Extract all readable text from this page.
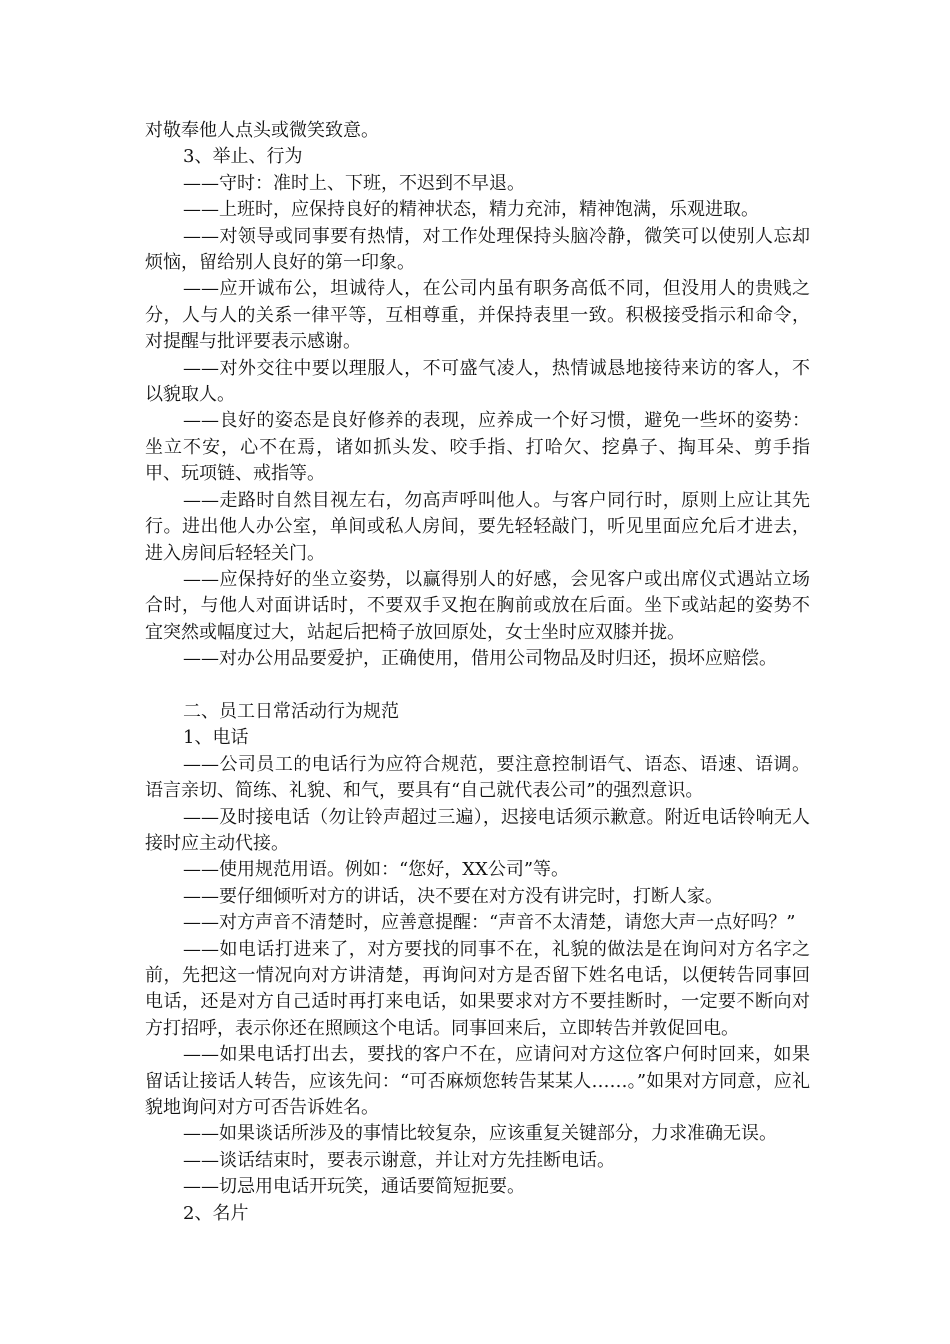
对敬奉他人点头或微笑致意。

3、举止、行为

——守时：准时上、下班，不迟到不早退。

——上班时，应保持良好的精神状态，精力充沛，精神饱满，乐观进取。

——对领导或同事要有热情，对工作处理保持头脑冷静，微笑可以使别人忘却烦恼，留给别人良好的第一印象。

——应开诚布公，坦诚待人，在公司内虽有职务高低不同，但没用人的贵贱之分，人与人的关系一律平等，互相尊重，并保持表里一致。积极接受指示和命令，对提醒与批评要表示感谢。

——对外交往中要以理服人，不可盛气凌人，热情诚恳地接待来访的客人，不以貌取人。

——良好的姿态是良好修养的表现，应养成一个好习惯，避免一些坏的姿势：坐立不安，心不在焉，诸如抓头发、咬手指、打哈欠、挖鼻子、掏耳朵、剪手指甲、玩项链、戒指等。

——走路时自然目视左右，勿高声呼叫他人。与客户同行时，原则上应让其先行。进出他人办公室，单间或私人房间，要先轻轻敲门，听见里面应允后才进去，进入房间后轻轻关门。

——应保持好的坐立姿势，以赢得别人的好感，会见客户或出席仪式遇站立场合时，与他人对面讲话时，不要双手叉抱在胸前或放在后面。坐下或站起的姿势不宜突然或幅度过大，站起后把椅子放回原处，女士坐时应双膝并拢。

——对办公用品要爱护，正确使用，借用公司物品及时归还，损坏应赔偿。

二、员工日常活动行为规范

1、电话

——公司员工的电话行为应符合规范，要注意控制语气、语态、语速、语调。语言亲切、简练、礼貌、和气，要具有“自己就代表公司”的强烈意识。

——及时接电话（勿让铃声超过三遍），迟接电话须示歉意。附近电话铃响无人接时应主动代接。

——使用规范用语。例如：“您好，XX公司”等。

——要仔细倾听对方的讲话，决不要在对方没有讲完时，打断人家。

——对方声音不清楚时，应善意提醒：“声音不太清楚，请您大声一点好吗？”

——如电话打进来了，对方要找的同事不在，礼貌的做法是在询问对方名字之前，先把这一情况向对方讲清楚，再询问对方是否留下姓名电话，以便转告同事回电话，还是对方自己适时再打来电话，如果要求对方不要挂断时，一定要不断向对方打招呼，表示你还在照顾这个电话。同事回来后，立即转告并敦促回电。

——如果电话打出去，要找的客户不在，应请问对方这位客户何时回来，如果留话让接话人转告，应该先问：“可否麻烦您转告某某人……。”如果对方同意，应礼貌地询问对方可否告诉姓名。

——如果谈话所涉及的事情比较复杂，应该重复关键部分，力求准确无误。

——谈话结束时，要表示谢意，并让对方先挂断电话。

——切忌用电话开玩笑，通话要简短扼要。

2、名片
